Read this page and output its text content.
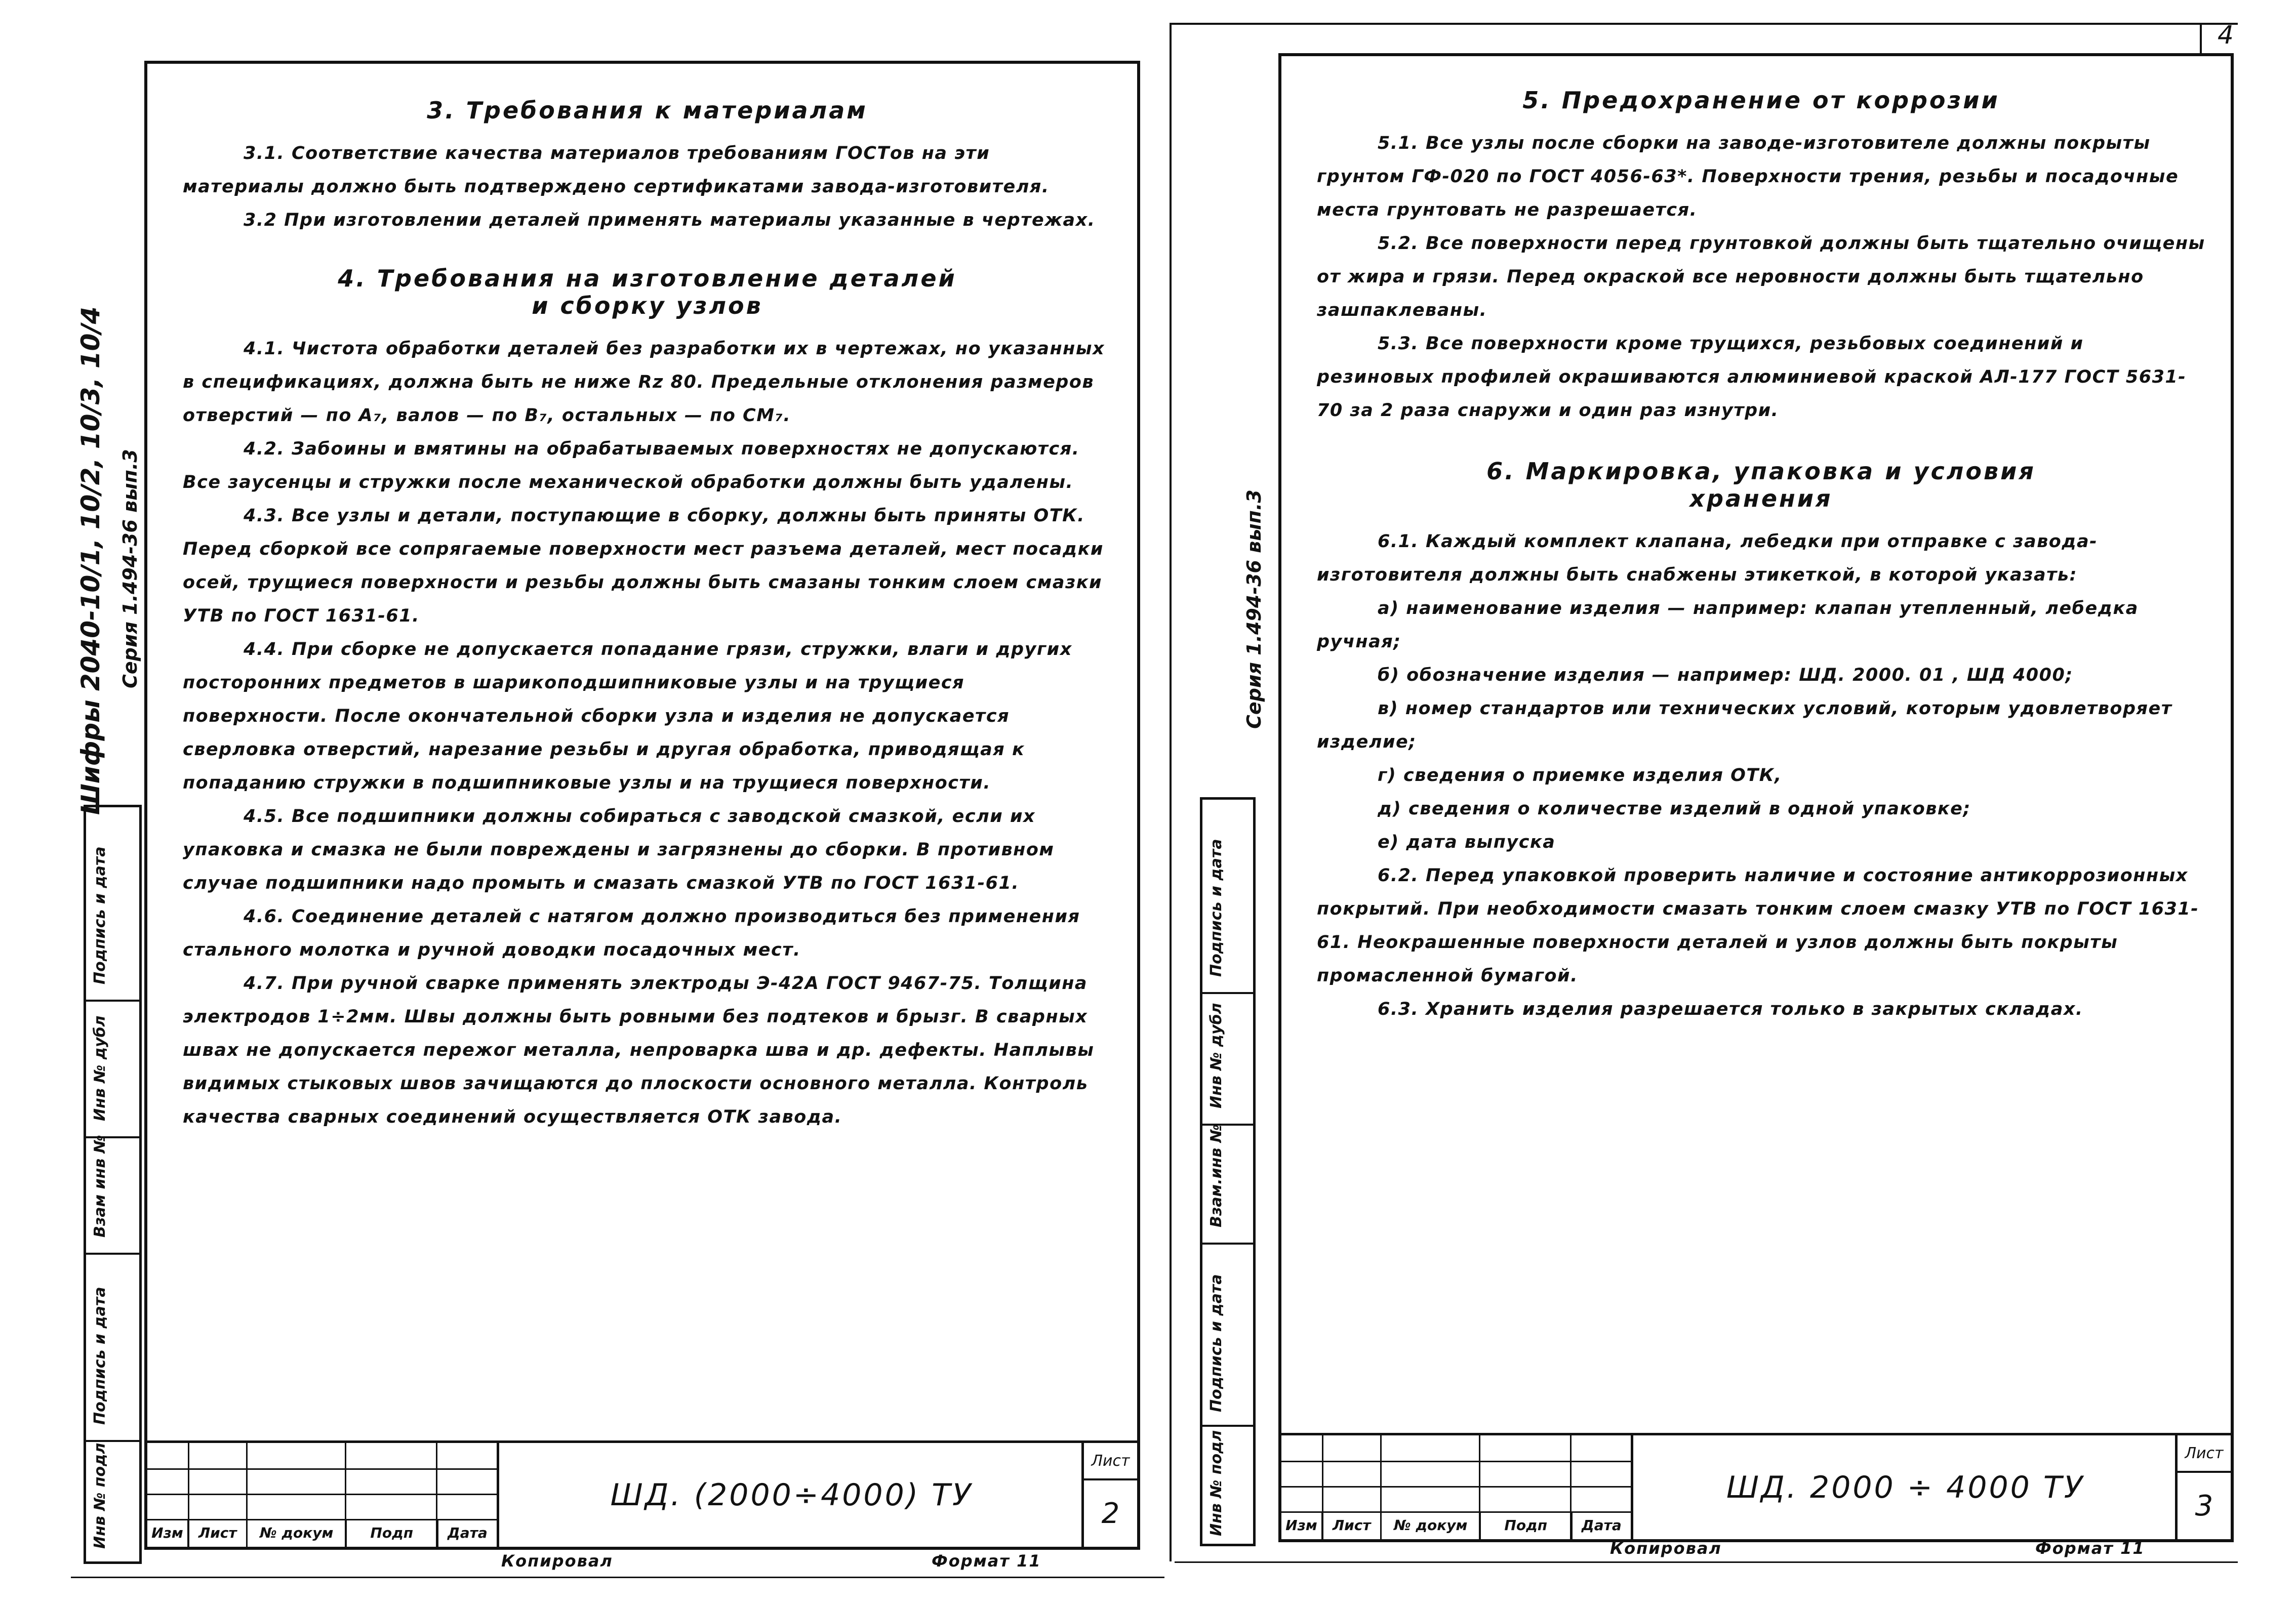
4
Шифры 2040-10/1, 10/2, 10/3, 10/4 Серия 1.494-36 вып.3
Подпись и дата
Инв № дубл
Взам инв №
Подпись и дата
Инв № подл
3. Требования к материалам

3.1. Соответствие качества материалов требованиям ГОСТов на эти материалы должно быть подтверждено сертификатами завода-изготовителя.

3.2 При изготовлении деталей применять материалы указанные в чертежах.

4. Требования на изготовление деталей
и сборку узлов

4.1. Чистота обработки деталей без разработки их в чертежах, но указанных в спецификациях, должна быть не ниже Rz 80. Предельные отклонения размеров отверстий — по A₇, валов — по B₇, остальных — по CM₇.

4.2. Забоины и вмятины на обрабатываемых поверхностях не допускаются. Все заусенцы и стружки после механической обработки должны быть удалены.

4.3. Все узлы и детали, поступающие в сборку, должны быть приняты ОТК. Перед сборкой все сопрягаемые поверхности мест разъема деталей, мест посадки осей, трущиеся поверхности и резьбы должны быть смазаны тонким слоем смазки УТВ по ГОСТ 1631-61.

4.4. При сборке не допускается попадание грязи, стружки, влаги и других посторонних предметов в шарикоподшипниковые узлы и на трущиеся поверхности. После окончательной сборки узла и изделия не допускается сверловка отверстий, нарезание резьбы и другая обработка, приводящая к попаданию стружки в подшипниковые узлы и на трущиеся поверхности.

4.5. Все подшипники должны собираться с заводской смазкой, если их упаковка и смазка не были повреждены и загрязнены до сборки. В противном случае подшипники надо промыть и смазать смазкой УТВ по ГОСТ 1631-61.

4.6. Соединение деталей с натягом должно производиться без применения стального молотка и ручной доводки посадочных мест.

4.7. При ручной сварке применять электроды Э-42А ГОСТ 9467-75. Толщина электродов 1÷2мм. Швы должны быть ровными без подтеков и брызг. В сварных швах не допускается пережог металла, непроварка шва и др. дефекты. Наплывы видимых стыковых швов зачищаются до плоскости основного металла. Контроль качества сварных соединений осуществляется ОТК завода.

Изм	Лист	№ докум	Подп	Дата
ШД. (2000÷4000) ТУ
Лист
2
Копировал	Формат 11
Серия 1.494-36 вып.3
Подпись и дата
Инв № дубл
Взам.инв №
Подпись и дата
Инв № подл
5. Предохранение от коррозии

5.1. Все узлы после сборки на заводе-изготовителе должны покрыты грунтом ГФ-020 по ГОСТ 4056-63*. Поверхности трения, резьбы и посадочные места грунтовать не разрешается.

5.2. Все поверхности перед грунтовкой должны быть тщательно очищены от жира и грязи. Перед окраской все неровности должны быть тщательно зашпаклеваны.

5.3. Все поверхности кроме трущихся, резьбовых соединений и резиновых профилей окрашиваются алюминиевой краской АЛ-177 ГОСТ 5631-70 за 2 раза снаружи и один раз изнутри.

6. Маркировка, упаковка и условия
хранения

6.1. Каждый комплект клапана, лебедки при отправке с завода-изготовителя должны быть снабжены этикеткой, в которой указать:

а) наименование изделия — например: клапан утепленный, лебедка ручная;

б) обозначение изделия — например: ШД. 2000. 01 , ШД 4000;

в) номер стандартов или технических условий, которым удовлетворяет изделие;

г) сведения о приемке изделия ОТК,

д) сведения о количестве изделий в одной упаковке;

е) дата выпуска

6.2. Перед упаковкой проверить наличие и состояние антикоррозионных покрытий. При необходимости смазать тонким слоем смазку УТВ по ГОСТ 1631-61. Неокрашенные поверхности деталей и узлов должны быть покрыты промасленной бумагой.

6.3. Хранить изделия разрешается только в закрытых складах.

Изм	Лист	№ докум	Подп	Дата
ШД. 2000 ÷ 4000 ТУ
Лист
3
Копировал	Формат 11
